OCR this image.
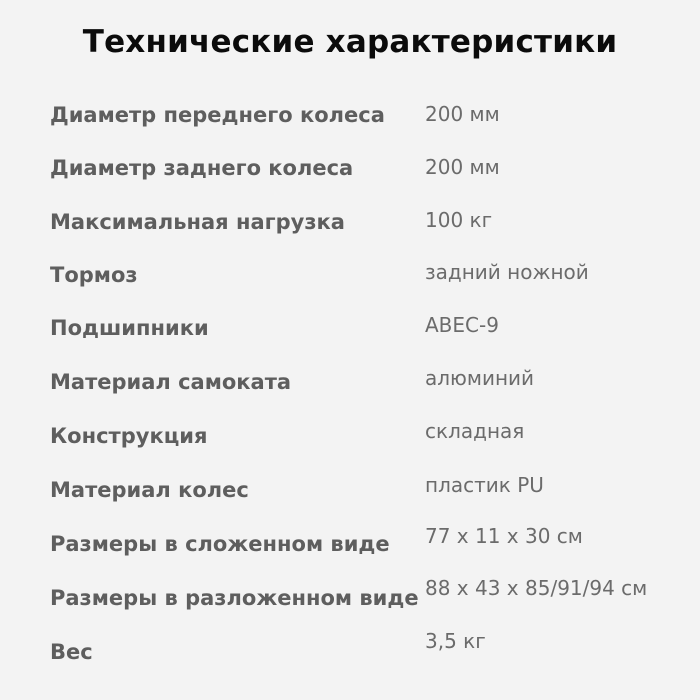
Технические характеристики
Диаметр переднего колеса 200 мм
Диаметр заднего колеса	200 мм
Максимальная нагрузка	100 кг
Тормоз	задний ножной
Подшипники	ABEC-9
Материал самоката	алюминий
Конструкция	складная
Материал колес	пластик PU
Размеры в сложенном виде 77 x 11 x 30 см
Размеры в разложенном виде 88 x 43 x 85/91/94 см
Вес	3,5 кг
